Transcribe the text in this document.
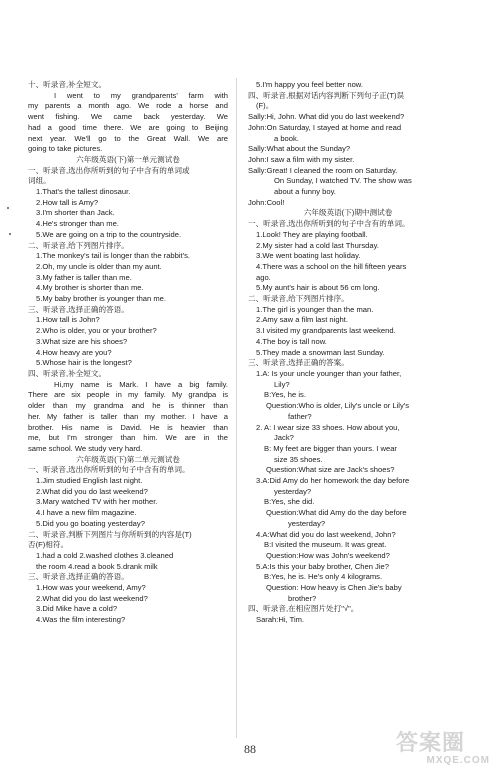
十、听录音,补全短文。
I went to my grandparents' farm with
my parents a month ago. We rode a horse and
went fishing. We came back yesterday. We
had a good time there. We are going to Beijing
next year. We'll go to the Great Wall. We are
going to take pictures.
六年级英语(下)第一单元测试卷
一、听录音,选出你所听到的句子中含有的单词或
词组。
1.That's the tallest dinosaur.
2.How tall is Amy?
3.I'm shorter than Jack.
4.He's stronger than me.
5.We are going on a trip to the countryside.
二、听录音,给下列图片排序。
1.The monkey's tail is longer than the rabbit's.
2.Oh, my uncle is older than my aunt.
3.My father is taller than me.
4.My brother is shorter than me.
5.My baby brother is younger than me.
三、听录音,选择正确的答语。
1.How tall is John?
2.Who is older, you or your brother?
3.What size are his shoes?
4.How heavy are you?
5.Whose hair is the longest?
四、听录音,补全短文。
Hi,my name is Mark. I have a big family.
There are six people in my family. My grandpa is
older than my grandma and he is thinner than
her. My father is taller than my mother. I have a
brother. His name is David. He is heavier than
me, but I'm stronger than him. We are in the
same school. We study very hard.
六年级英语(下)第二单元测试卷
一、听录音,选出你所听到的句子中含有的单词。
1.Jim studied English last night.
2.What did you do last weekend?
3.Mary watched TV with her mother.
4.I have a new film magazine.
5.Did you go boating yesterday?
二、听录音,判断下列图片与你所听到的内容是(T)
否(F)相符。
1.had a cold 2.washed clothes 3.cleaned
the room 4.read a book 5.drank milk
三、听录音,选择正确的答语。
1.How was your weekend, Amy?
2.What did you do last weekend?
3.Did Mike have a cold?
4.Was the film interesting?
5.I'm happy you feel better now.
四、听录音,根据对话内容判断下列句子正(T)误
(F)。
Sally:Hi, John. What did you do last weekend?
John:On Saturday, I stayed at home and read
a book.
Sally:What about the Sunday?
John:I saw a film with my sister.
Sally:Great! I cleaned the room on Saturday.
On Sunday, I watched TV. The show was
about a funny boy.
John:Cool!
六年级英语(下)期中测试卷
一、听录音,选出你所听到的句子中含有的单词。
1.Look! They are playing football.
2.My sister had a cold last Thursday.
3.We went boating last holiday.
4.There was a school on the hill fifteen years
ago.
5.My aunt's hair is about 56 cm long.
二、听录音,给下列图片排序。
1.The girl is younger than the man.
2.Amy saw a film last night.
3.I visited my grandparents last weekend.
4.The boy is tall now.
5.They made a snowman last Sunday.
三、听录音,选择正确的答案。
1.A: Is your uncle younger than your father,
Lily?
B:Yes, he is.
Question:Who is older, Lily's uncle or Lily's
father?
2. A: I wear size 33 shoes. How about you,
Jack?
B: My feet are bigger than yours. I wear
size 35 shoes.
Question:What size are Jack's shoes?
3.A:Did Amy do her homework the day before
yesterday?
B:Yes, she did.
Question:What did Amy do the day before
yesterday?
4.A:What did you do last weekend, John?
B:I visited the museum. It was great.
Question:How was John's weekend?
5.A:Is this your baby brother, Chen Jie?
B:Yes, he is. He's only 4 kilograms.
Question: How heavy is Chen Jie's baby
brother?
四、听录音,在相应图片处打"√"。
Sarah:Hi, Tim.
88	答案圈
MXQE.COM
